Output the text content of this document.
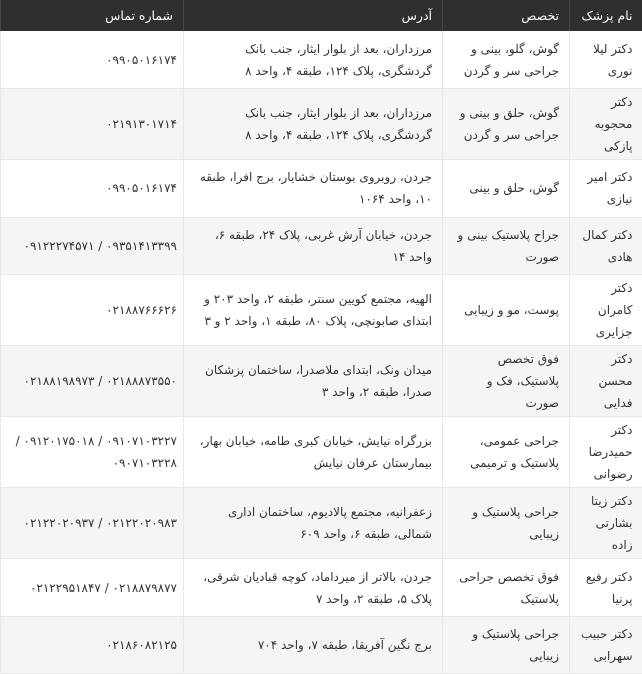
نام پزشک	تخصص	آدرس	شماره تماس
دکتر لیلا نوری	گوش، گلو، بینی و جراحی سر و گردن	مرزداران، بعد از بلوار ایثار، جنب بانک گردشگری، پلاک ۱۲۴، طبقه ۴، واحد ۸	۰۹۹۰۵۰۱۶۱۷۴
دکتر محجوبه پازکی	گوش، حلق و بینی و جراحی سر و گردن	مرزداران، بعد از بلوار ایثار، جنب بانک گردشگری، پلاک ۱۲۴، طبقه ۴، واحد ۸	۰۲۱۹۱۳۰۱۷۱۴
دکتر امیر نیازی	گوش، حلق و بینی	جردن، روبروی بوستان خشایار، برج افرا، طبقه ۱۰، واحد ۱۰۶۴	۰۹۹۰۵۰۱۶۱۷۴
دکتر کمال هادی	جراح پلاستیک بینی و صورت	جردن، خیابان آرش غربی، پلاک ۲۴، طبقه ۶، واحد ۱۴	۰۹۳۵۱۴۱۳۳۹۹ / ۰۹۱۲۲۲۷۴۵۷۱
دکتر کامران جزایری	پوست، مو و زیبایی	الهیه، مجتمع کویین سنتر، طبقه ۲، واحد ۲۰۳ و ابتدای صابونچی، پلاک ۸۰، طبقه ۱، واحد ۲ و ۳	۰۲۱۸۸۷۶۶۶۲۶
دکتر محسن فدایی	فوق تخصص پلاستیک، فک و صورت	میدان ونک، ابتدای ملاصدرا، ساختمان پزشکان صدرا، طبقه ۲، واحد ۳	۰۲۱۸۸۸۷۳۵۵۰ / ۰۲۱۸۸۱۹۸۹۷۳
دکتر حمیدرضا رضوانی	جراحی عمومی، پلاستیک و ترمیمی	بزرگراه نیایش، خیابان کبری طامه، خیابان بهار، بیمارستان عرفان نیایش	۰۹۱۰۷۱۰۳۲۲۷ / ۰۹۱۲۰۱۷۵۰۱۸ / ۰۹۰۷۱۰۳۲۲۸
دکتر زیتا بشارتی زاده	جراحی پلاستیک و زیبایی	زعفرانیه، مجتمع پالادیوم، ساختمان اداری شمالی، طبقه ۶، واحد ۶۰۹	۰۲۱۲۲۰۲۰۹۸۳ / ۰۲۱۲۲۰۲۰۹۳۷
دکتر رفیع پرنیا	فوق تخصص جراحی پلاستیک	جردن، بالاتر از میرداماد، کوچه قبادیان شرقی، پلاک ۵، طبقه ۲، واحد ۷	۰۲۱۸۸۷۹۸۷۷ / ۰۲۱۲۲۹۵۱۸۴۷
دکتر حبیب سهرابی	جراحی پلاستیک و زیبایی	برج نگین آفریقا، طبقه ۷، واحد ۷۰۴	۰۲۱۸۶۰۸۲۱۲۵
